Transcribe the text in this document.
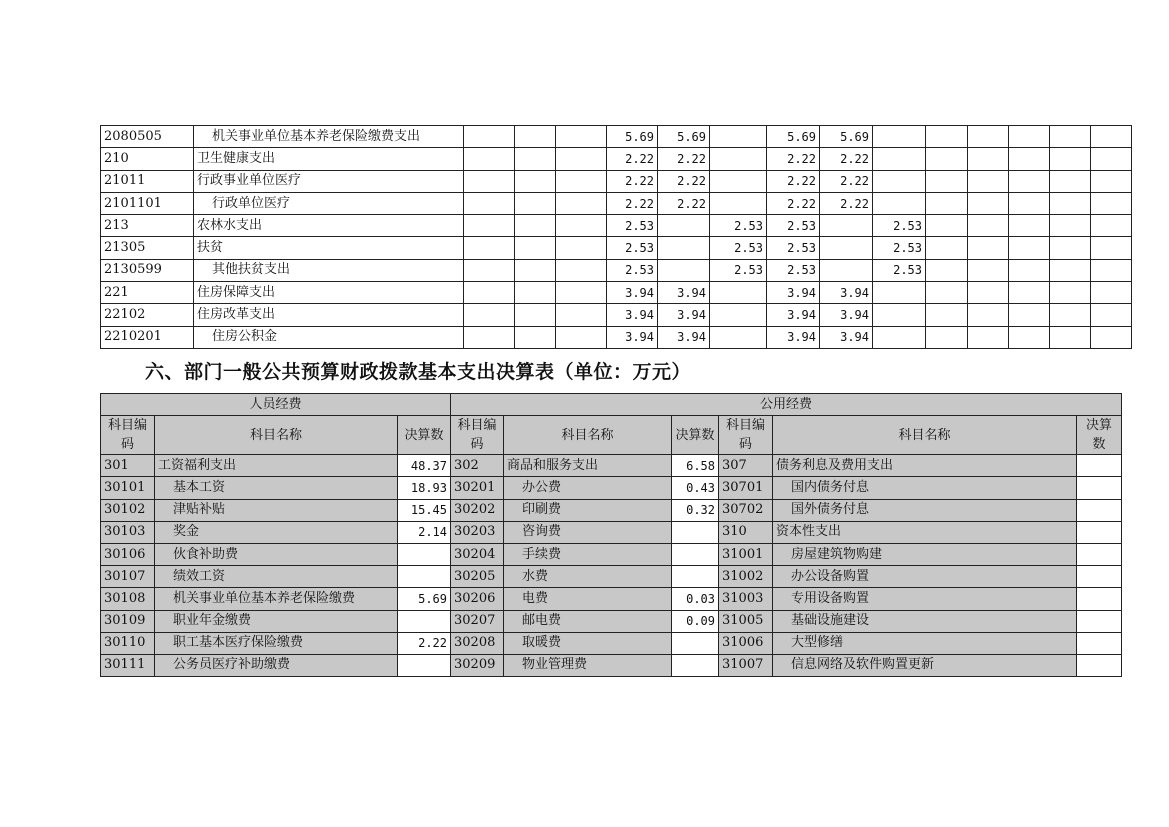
2080505	机关事业单位基本养老保险缴费支出				5.69	5.69		5.69	5.69						
210	卫生健康支出				2.22	2.22		2.22	2.22						
21011	行政事业单位医疗				2.22	2.22		2.22	2.22						
2101101	行政单位医疗				2.22	2.22		2.22	2.22						
213	农林水支出				2.53		2.53	2.53		2.53					
21305	扶贫				2.53		2.53	2.53		2.53					
2130599	其他扶贫支出				2.53		2.53	2.53		2.53					
221	住房保障支出				3.94	3.94		3.94	3.94						
22102	住房改革支出				3.94	3.94		3.94	3.94						
2210201	住房公积金				3.94	3.94		3.94	3.94						
六、部门一般公共预算财政拨款基本支出决算表（单位：万元）
人员经费			公用经费					
科目编码	科目名称	决算数	科目编码	科目名称	决算数	科目编码	科目名称	决算数
301	工资福利支出	48.37	302	商品和服务支出	6.58	307	债务利息及费用支出	
30101	基本工资	18.93	30201	办公费	0.43	30701	国内债务付息	
30102	津贴补贴	15.45	30202	印刷费	0.32	30702	国外债务付息	
30103	奖金	2.14	30203	咨询费		310	资本性支出	
30106	伙食补助费		30204	手续费		31001	房屋建筑物购建	
30107	绩效工资		30205	水费		31002	办公设备购置	
30108	机关事业单位基本养老保险缴费	5.69	30206	电费	0.03	31003	专用设备购置	
30109	职业年金缴费		30207	邮电费	0.09	31005	基础设施建设	
30110	职工基本医疗保险缴费	2.22	30208	取暖费		31006	大型修缮	
30111	公务员医疗补助缴费		30209	物业管理费		31007	信息网络及软件购置更新	
